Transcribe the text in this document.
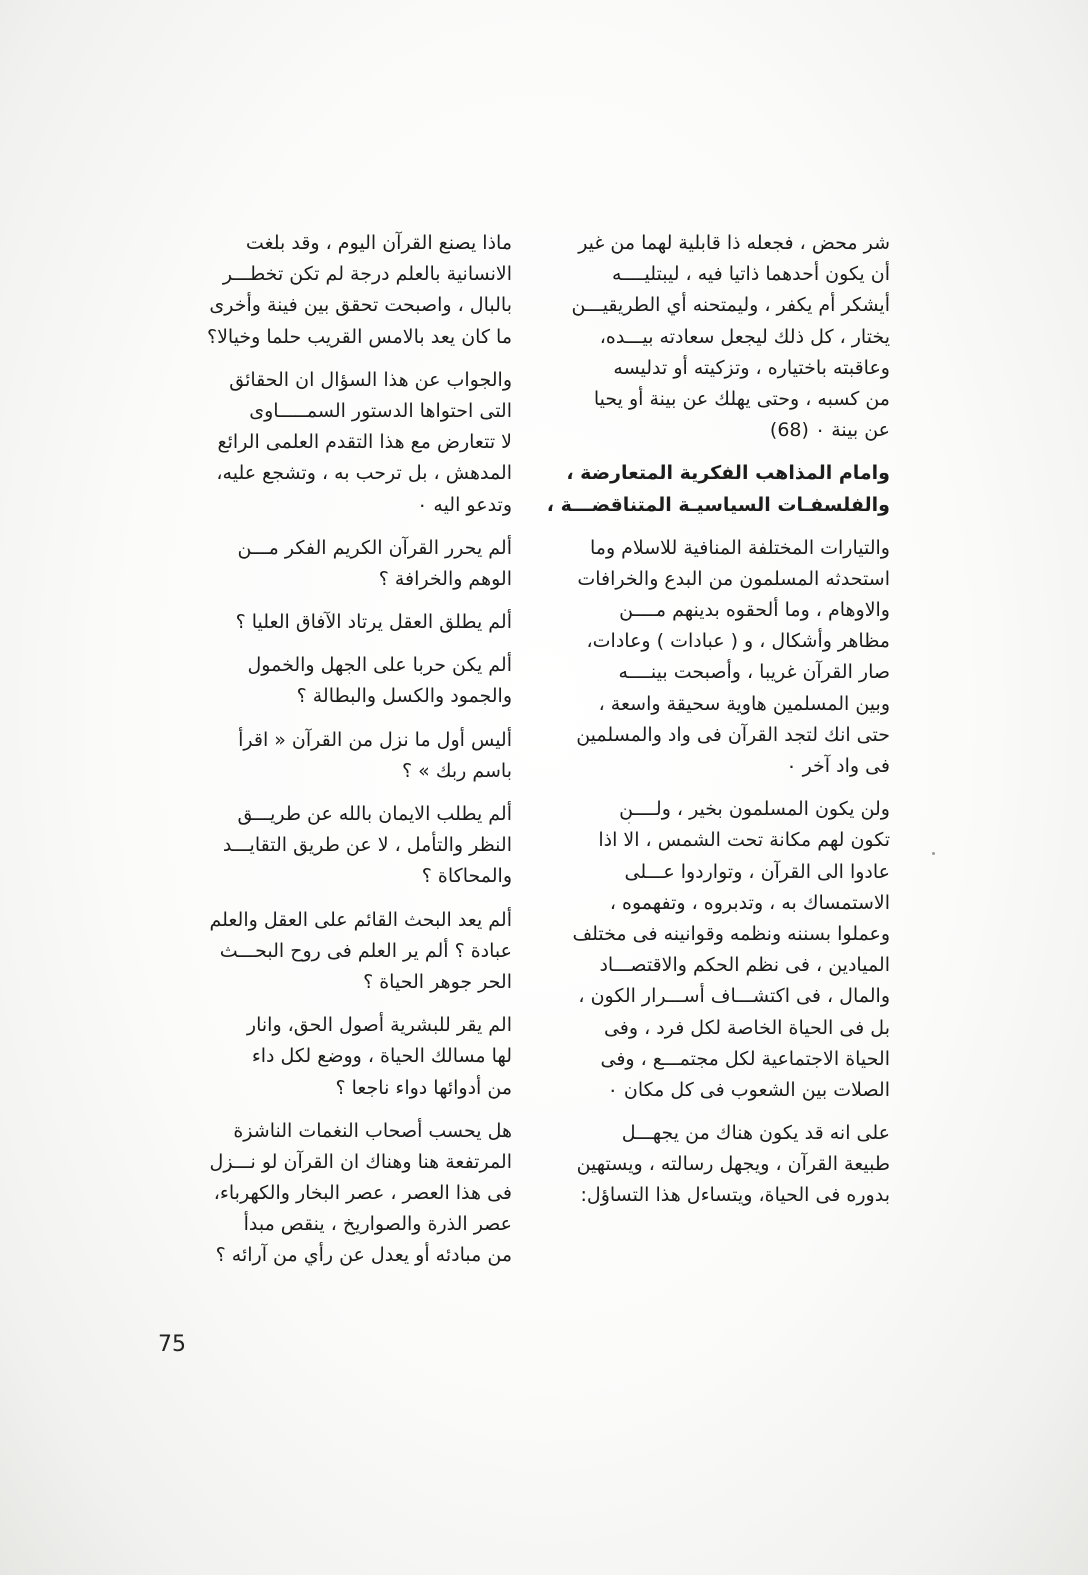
شر محض ، فجعله ذا قابلية لهما من غير
أن يكون أحدهما ذاتيا فيه ، ليبتليــــه
أيشكر أم يكفر ، وليمتحنه أي الطريقيـــن
يختار ، كل ذلك ليجعل سعادته بيـــده،
وعاقبته باختياره ، وتزكيته أو تدليسه
من كسبه ، وحتى يهلك عن بينة أو يحيا
عن بينة ٠ (68)
وامام المذاهب الفكرية المتعارضة ،
والفلسفـات السياسيـة المتناقضـــة ،
والتيارات المختلفة المنافية للاسلام وما
استحدثه المسلمون من البدع والخرافات
والاوهام ، وما ألحقوه بدينهم مــــن
مظاهر وأشكال ، و ( عبادات ) وعادات،
صار القرآن غريبا ، وأصبحت بينــــه
وبين المسلمين هاوية سحيقة واسعة ،
حتى انك لتجد القرآن فى واد والمسلمين
فى واد آخر ٠
ولن يكون المسلمون بخير ، ولــــن
تكون لهم مكانة تحت الشمس ، الا اذا
عادوا الى القرآن ، وتواردوا عـــلى
الاستمساك به ، وتدبروه ، وتفهموه ،
وعملوا بسننه ونظمه وقوانينه فى مختلف
الميادين ، فى نظم الحكم والاقتصـــاد
والمال ، فى اكتشـــاف أســـرار الكون ،
بل فى الحياة الخاصة لكل فرد ، وفى
الحياة الاجتماعية لكل مجتمـــع ، وفى
الصلات بين الشعوب فى كل مكان ٠
على انه قد يكون هناك من يجهـــل
طبيعة القرآن ، ويجهل رسالته ، ويستهين
بدوره فى الحياة، ويتساءل هذا التساؤل:
ماذا يصنع القرآن اليوم ، وقد بلغت
الانسانية بالعلم درجة لم تكن تخطـــر
بالبال ، واصبحت تحقق بين فينة وأخرى
ما كان يعد بالامس القريب حلما وخيالا؟
والجواب عن هذا السؤال ان الحقائق
التى احتواها الدستور السمـــــاوى
لا تتعارض مع هذا التقدم العلمى الرائع
المدهش ، بل ترحب به ، وتشجع عليه،
وتدعو اليه ٠
ألم يحرر القرآن الكريم الفكر مـــن
الوهم والخرافة ؟
ألم يطلق العقل يرتاد الآفاق العليا ؟
ألم يكن حربا على الجهل والخمول
والجمود والكسل والبطالة ؟
أليس أول ما نزل من القرآن « اقرأ
باسم ربك » ؟
ألم يطلب الايمان بالله عن طريـــق
النظر والتأمل ، لا عن طريق التقايـــد
والمحاكاة ؟
ألم يعد البحث القائم على العقل والعلم
عبادة ؟ ألم ير العلم فى روح البحـــث
الحر جوهر الحياة ؟
الم يقر للبشرية أصول الحق، وانار
لها مسالك الحياة ، ووضع لكل داء
من أدوائها دواء ناجعا ؟
هل يحسب أصحاب النغمات الناشزة
المرتفعة هنا وهناك ان القرآن لو نـــزل
فى هذا العصر ، عصر البخار والكهرباء،
عصر الذرة والصواريخ ، ينقص مبدأ
من مبادئه أو يعدل عن رأي من آرائه ؟
75
